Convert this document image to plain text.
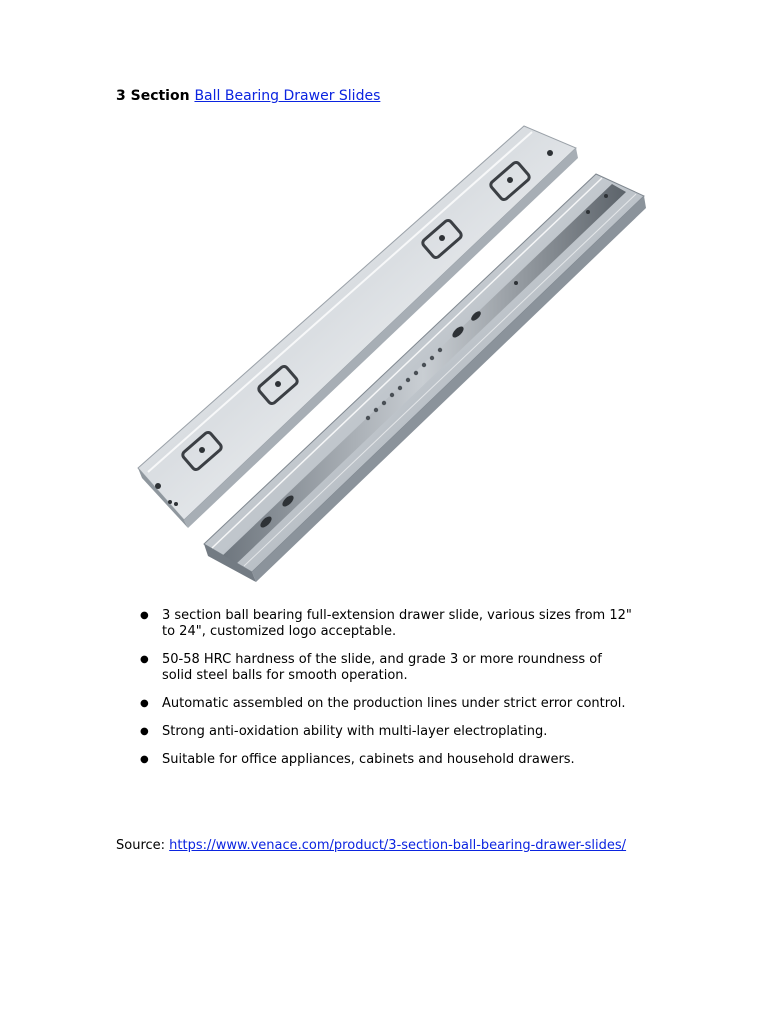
3 Section Ball Bearing Drawer Slides
● 3 section ball bearing full-extension drawer slide, various sizes from 12" to 24", customized logo acceptable.
● 50-58 HRC hardness of the slide, and grade 3 or more roundness of solid steel balls for smooth operation.
● Automatic assembled on the production lines under strict error control.
● Strong anti-oxidation ability with multi-layer electroplating.
● Suitable for office appliances, cabinets and household drawers.
Source: https://www.venace.com/product/3-section-ball-bearing-drawer-slides/
